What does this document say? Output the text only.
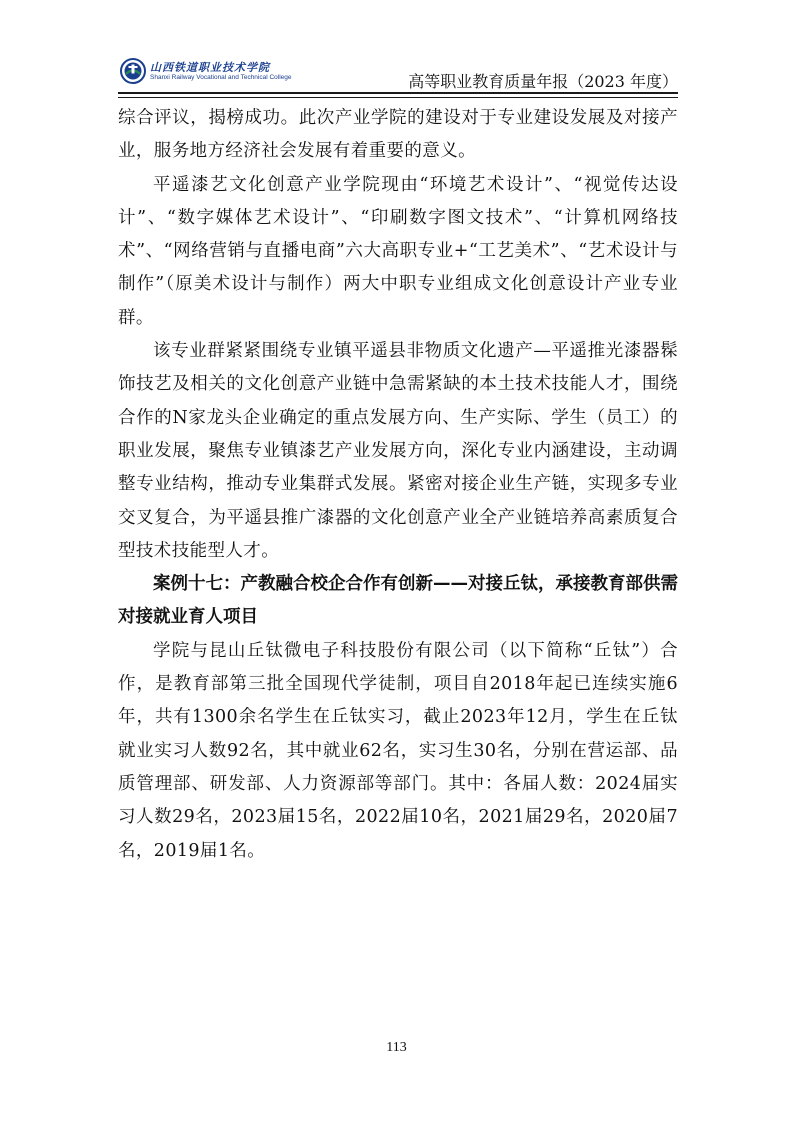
山西铁道职业技术学院
Shanxi Railway Vocational and Technical College	高等职业教育质量年报（2023 年度）

综合评议，揭榜成功。此次产业学院的建设对于专业建设发展及对接产业，服务地方经济社会发展有着重要的意义。

平遥漆艺文化创意产业学院现由“环境艺术设计”、“视觉传达设计”、“数字媒体艺术设计”、“印刷数字图文技术”、“计算机网络技术”、“网络营销与直播电商”六大高职专业+“工艺美术”、“艺术设计与制作”（原美术设计与制作）两大中职专业组成文化创意设计产业专业群。

该专业群紧紧围绕专业镇平遥县非物质文化遗产—平遥推光漆器髹饰技艺及相关的文化创意产业链中急需紧缺的本土技术技能人才，围绕合作的N家龙头企业确定的重点发展方向、生产实际、学生（员工）的职业发展，聚焦专业镇漆艺产业发展方向，深化专业内涵建设，主动调整专业结构，推动专业集群式发展。紧密对接企业生产链，实现多专业交叉复合，为平遥县推广漆器的文化创意产业全产业链培养高素质复合型技术技能型人才。

案例十七：产教融合校企合作有创新——对接丘钛，承接教育部供需对接就业育人项目

学院与昆山丘钛微电子科技股份有限公司（以下简称“丘钛”）合作，是教育部第三批全国现代学徒制，项目自2018年起已连续实施6年，共有1300余名学生在丘钛实习，截止2023年12月，学生在丘钛就业实习人数92名，其中就业62名，实习生30名，分别在营运部、品质管理部、研发部、人力资源部等部门。其中：各届人数：2024届实习人数29名，2023届15名，2022届10名，2021届29名，2020届7名，2019届1名。

113
